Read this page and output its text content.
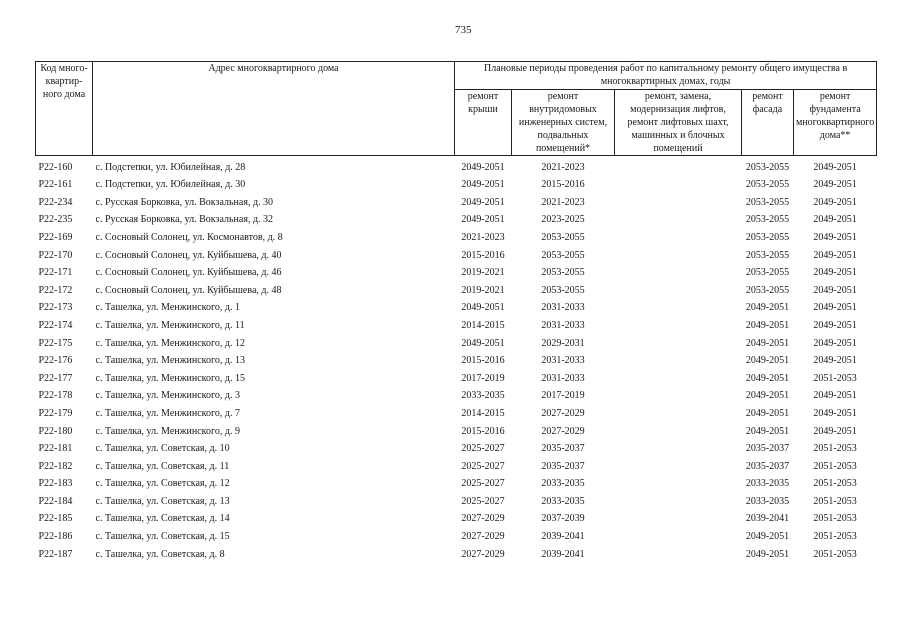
735
Код много-квартир-ного дома	Адрес многоквартирного дома	Плановые периоды проведения работ по капитальному ремонту общего имущества в многоквартирных домах, годы				
		ремонт крыши	ремонт внутридомовых инженерных систем, подвальных помещений*	ремонт, замена, модернизация лифтов, ремонт лифтовых шахт, машинных и блочных помещений	ремонт фасада	ремонт фундамента многоквартирного дома**
Р22-160	с. Подстепки, ул. Юбилейная, д. 28	2049-2051	2021-2023		2053-2055	2049-2051
Р22-161	с. Подстепки, ул. Юбилейная, д. 30	2049-2051	2015-2016		2053-2055	2049-2051
Р22-234	с. Русская Борковка, ул. Вокзальная, д. 30	2049-2051	2021-2023		2053-2055	2049-2051
Р22-235	с. Русская Борковка, ул. Вокзальная, д. 32	2049-2051	2023-2025		2053-2055	2049-2051
Р22-169	с. Сосновый Солонец, ул. Космонавтов, д. 8	2021-2023	2053-2055		2053-2055	2049-2051
Р22-170	с. Сосновый Солонец, ул. Куйбышева, д. 40	2015-2016	2053-2055		2053-2055	2049-2051
Р22-171	с. Сосновый Солонец, ул. Куйбышева, д. 46	2019-2021	2053-2055		2053-2055	2049-2051
Р22-172	с. Сосновый Солонец, ул. Куйбышева, д. 48	2019-2021	2053-2055		2053-2055	2049-2051
Р22-173	с. Ташелка, ул. Менжинского, д. 1	2049-2051	2031-2033		2049-2051	2049-2051
Р22-174	с. Ташелка, ул. Менжинского, д. 11	2014-2015	2031-2033		2049-2051	2049-2051
Р22-175	с. Ташелка, ул. Менжинского, д. 12	2049-2051	2029-2031		2049-2051	2049-2051
Р22-176	с. Ташелка, ул. Менжинского, д. 13	2015-2016	2031-2033		2049-2051	2049-2051
Р22-177	с. Ташелка, ул. Менжинского, д. 15	2017-2019	2031-2033		2049-2051	2051-2053
Р22-178	с. Ташелка, ул. Менжинского, д. 3	2033-2035	2017-2019		2049-2051	2049-2051
Р22-179	с. Ташелка, ул. Менжинского, д. 7	2014-2015	2027-2029		2049-2051	2049-2051
Р22-180	с. Ташелка, ул. Менжинского, д. 9	2015-2016	2027-2029		2049-2051	2049-2051
Р22-181	с. Ташелка, ул. Советская, д. 10	2025-2027	2035-2037		2035-2037	2051-2053
Р22-182	с. Ташелка, ул. Советская, д. 11	2025-2027	2035-2037		2035-2037	2051-2053
Р22-183	с. Ташелка, ул. Советская, д. 12	2025-2027	2033-2035		2033-2035	2051-2053
Р22-184	с. Ташелка, ул. Советская, д. 13	2025-2027	2033-2035		2033-2035	2051-2053
Р22-185	с. Ташелка, ул. Советская, д. 14	2027-2029	2037-2039		2039-2041	2051-2053
Р22-186	с. Ташелка, ул. Советская, д. 15	2027-2029	2039-2041		2049-2051	2051-2053
Р22-187	с. Ташелка, ул. Советская, д. 8	2027-2029	2039-2041		2049-2051	2051-2053
